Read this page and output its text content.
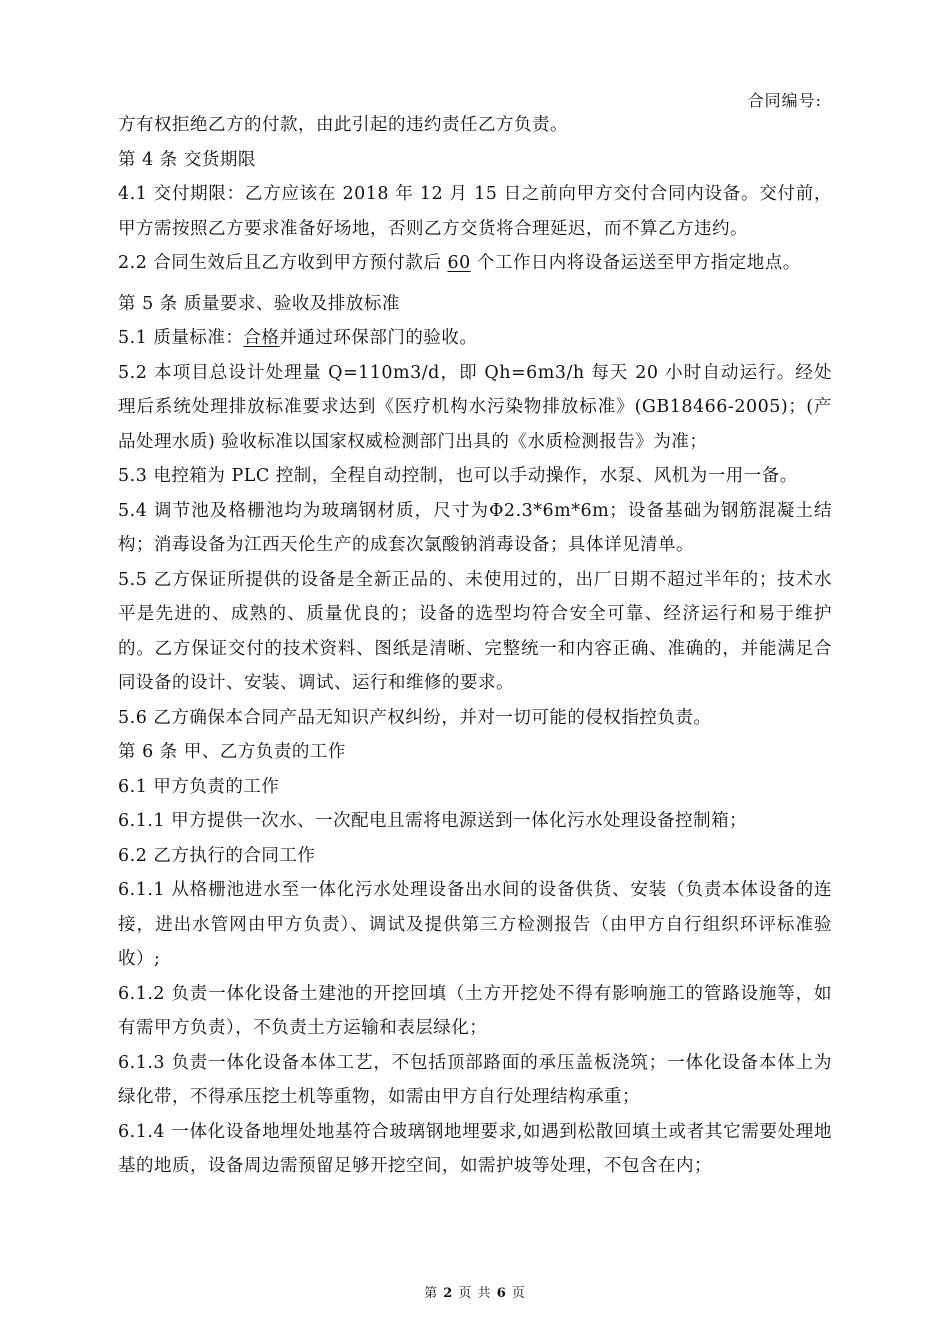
合同编号:

方有权拒绝乙方的付款，由此引起的违约责任乙方负责。

第 4 条 交货期限

4.1 交付期限：乙方应该在 2018 年 12 月 15 日之前向甲方交付合同内设备。交付前，甲方需按照乙方要求准备好场地，否则乙方交货将合理延迟，而不算乙方违约。

2.2 合同生效后且乙方收到甲方预付款后 60 个工作日内将设备运送至甲方指定地点。

第 5 条 质量要求、验收及排放标准

5.1 质量标准：合格并通过环保部门的验收。

5.2 本项目总设计处理量 Q=110m3/d，即 Qh=6m3/h 每天 20 小时自动运行。经处理后系统处理排放标准要求达到《医疗机构水污染物排放标准》(GB18466-2005)；(产品处理水质) 验收标准以国家权威检测部门出具的《水质检测报告》为准；

5.3 电控箱为 PLC 控制，全程自动控制，也可以手动操作，水泵、风机为一用一备。

5.4 调节池及格栅池均为玻璃钢材质，尺寸为Φ2.3*6m*6m；设备基础为钢筋混凝土结构；消毒设备为江西天伦生产的成套次氯酸钠消毒设备；具体详见清单。

5.5 乙方保证所提供的设备是全新正品的、未使用过的，出厂日期不超过半年的；技术水平是先进的、成熟的、质量优良的；设备的选型均符合安全可靠、经济运行和易于维护的。乙方保证交付的技术资料、图纸是清晰、完整统一和内容正确、准确的，并能满足合同设备的设计、安装、调试、运行和维修的要求。

5.6 乙方确保本合同产品无知识产权纠纷，并对一切可能的侵权指控负责。

第 6 条 甲、乙方负责的工作

6.1 甲方负责的工作

6.1.1 甲方提供一次水、一次配电且需将电源送到一体化污水处理设备控制箱；

6.2 乙方执行的合同工作

6.1.1 从格栅池进水至一体化污水处理设备出水间的设备供货、安装（负责本体设备的连接，进出水管网由甲方负责）、调试及提供第三方检测报告（由甲方自行组织环评标准验收）;

6.1.2 负责一体化设备土建池的开挖回填（土方开挖处不得有影响施工的管路设施等，如有需甲方负责），不负责土方运输和表层绿化；

6.1.3 负责一体化设备本体工艺，不包括顶部路面的承压盖板浇筑；一体化设备本体上为绿化带，不得承压挖土机等重物，如需由甲方自行处理结构承重；

6.1.4 一体化设备地埋处地基符合玻璃钢地埋要求,如遇到松散回填土或者其它需要处理地基的地质，设备周边需预留足够开挖空间，如需护坡等处理，不包含在内；

第 2 页 共 6 页
